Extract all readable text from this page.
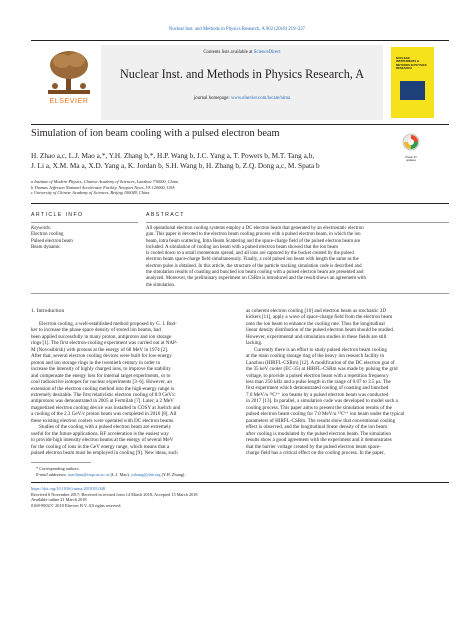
Nuclear Inst. and Methods in Physics Research, A 902 (2018) 219–227
ELSEVIER
Contents lists available at ScienceDirect
Nuclear Inst. and Methods in Physics Research, A
journal homepage: www.elsevier.com/locate/nima
NUCLEAR INSTRUMENTS & METHODS IN PHYSICS RESEARCH
Simulation of ion beam cooling with a pulsed electron beam
Check for updates
H. Zhao a,c, L.J. Mao a,*, Y.H. Zhang b,*, H.P. Wang b, J.C. Yang a, T. Powers b, M.T. Tang a,b,
J. Li a, X.M. Ma a, X.D. Yang a, K. Jordan b, S.H. Wang b, H. Zhang b, Z.Q. Dong a,c, M. Spata b
a Institute of Modern Physics, Chinese Academy of Sciences, Lanzhou 730000, China
b Thomas Jefferson National Accelerator Facility, Newport News, VA 120000, USA
c University of Chinese Academy of Sciences, Beijing 100049, China
ARTICLE INFO
Keywords:
Electron cooling
Pulsed electron beam
Beam dynamic
ABSTRACT
All operational electron cooling systems employ a DC electron beam that generated by an electrostatic electron
gun. This paper is devoted to the electron beam cooling process with a pulsed electron beam, in which the ion
beam, intra beam scattering, Intra Beam Scattering and the space-charge field of the pulsed electron beam are
included. A simulation of cooling ion beam with a pulsed electron beam showed that the ion beam
is cooled down to a small momentum spread, and all ions are captured by the bucket created by the pulsed
electron beam space-charge field simultaneously. Finally, a cold pulsed ion beam with length the same as the
electron pulse is obtained. In this article, the structure of the particle tracking simulation code is described and
the simulation results of coasting and bunched ion beam cooling with a pulsed electron beam are presented and
analyzed. Moreover, the preliminary experiment on CSRm is introduced and the result shows an agreement with
the simulation.
1. Introduction
Electron cooling, a well-established method proposed by G. I. Bud-
ker to increase the phase space density of stored ion beams, had
been applied successfully in many proton, antiproton and ion storage
rings [1]. The first electron-cooling experiment was carried out at NAP-
M (Novosibirsk) with protons at the energy of 68 MeV in 1974 [2].
After that, several electron cooling devices were built for low-energy
proton and ion storage rings in the twentieth century in order to
increase the intensity of highly charged ions, to improve the stability
and compensate the energy loss for internal target experiments, or to
cool radioactive isotopes for nuclear experiments [3–6]. However, an
extension of the electron cooling method into the high-energy range is
extremely desirable. The first relativistic electron cooling of 8.9 GeV/c
antiprotons was demonstrated in 2005 at Fermilab [7]. Later, a 2 MeV
magnetized electron cooling device was installed in COSY at Juelich and
a cooling of the 2.3 GeV/c proton beam was completed in 2016 [8]. All
these existing electron coolers were operated with DC electron beams.
Studies of the cooling with a pulsed electron beam are extremely
useful for the future applications. RF acceleration is the easiest way
to provide high intensity electron beams at the energy of several MeV
for the cooling of ions in the GeV energy range, which means that a
pulsed electron beam must be employed in cooling [9]. New ideas, such
as coherent electron cooling [10] and electron beam as stochastic 3D
kickers [11], apply a wave of space-charge field from the electron beam
onto the ion beam to enhance the cooling rate. Thus the longitudinal
linear density distribution of the pulsed electron beam should be studied.
However, experimental and simulation studies in these fields are still
lacking.
Currently there is an effort to study pulsed electron beam cooling
at the main cooling storage ring of the heavy ion research facility in
Lanzhou (HIRFL-CSRm) [12]. A modification of the DC electron gun of
the 35 keV cooler (EC-35) at HIRFL-CSRm was made by pulsing the grid
voltage, to provide a pulsed electron beam with a repetition frequency
less than 250 kHz and a pulse length in the range of 0.07 to 3.5 μs. The
first experiment which demonstrated cooling of coasting and bunched
7.0 MeV/u ¹²C⁶⁺ ion beams by a pulsed electron beam was conducted
in 2017 [13]. In parallel, a simulation code was developed to model such a
cooling process. This paper aims to present the simulation results of the
pulsed electron beam cooling for 7.0 MeV/u ¹²C⁶⁺ ion beam under the typical
parameters of HIRFL-CSRm. The results show that conventional cooling
effect is observed, and the longitudinal linear density of the ion beam
after cooling is modulated by the pulsed electron beam. The simulation
results show a good agreement with the experiment and it demonstrates
that the barrier voltage created by the pulsed electron beam space-
charge field has a critical effect on the cooling process. In the paper,
* Corresponding authors.
E-mail addresses: maolijun@impcas.ac.cn (L.J. Mao), yzhang@jlab.org (Y.H. Zhang).
https://doi.org/10.1016/j.nima.2018.05.048
Received 6 November 2017; Received in revised form 14 March 2018; Accepted 15 March 2018
Available online 21 March 2018
0168-9002/© 2018 Elsevier B.V. All rights reserved.
